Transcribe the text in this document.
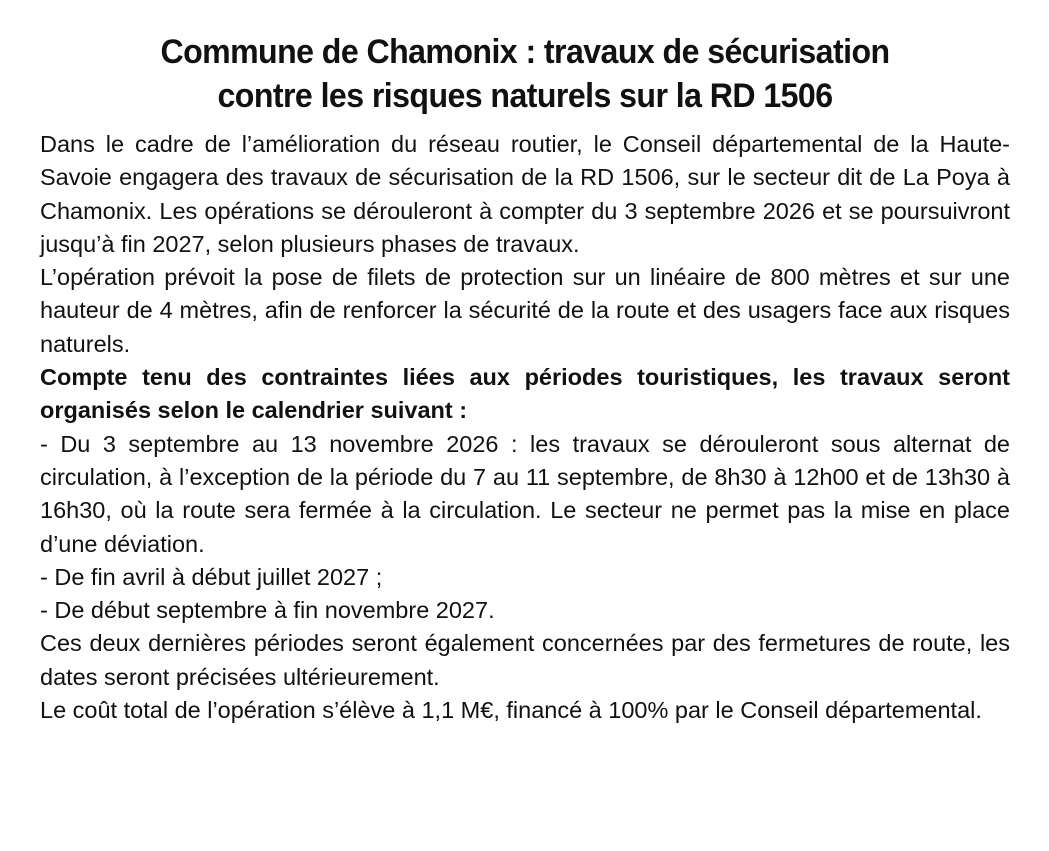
Commune de Chamonix : travaux de sécurisation
contre les risques naturels sur la RD 1506

Dans le cadre de l’amélioration du réseau routier, le Conseil départemental de la Haute-Savoie engagera des travaux de sécurisation de la RD 1506, sur le secteur dit de La Poya à Chamonix. Les opérations se dérouleront à compter du 3 septembre 2026 et se poursuivront jusqu’à fin 2027, selon plusieurs phases de travaux.

L’opération prévoit la pose de filets de protection sur un linéaire de 800 mètres et sur une hauteur de 4 mètres, afin de renforcer la sécurité de la route et des usagers face aux risques naturels.

Compte tenu des contraintes liées aux périodes touristiques, les travaux seront organisés selon le calendrier suivant :

- Du 3 septembre au 13 novembre 2026 : les travaux se dérouleront sous alternat de circulation, à l’exception de la période du 7 au 11 septembre, de 8h30 à 12h00 et de 13h30 à 16h30, où la route sera fermée à la circulation. Le secteur ne permet pas la mise en place d’une déviation.

- De fin avril à début juillet 2027 ;

- De début septembre à fin novembre 2027.

Ces deux dernières périodes seront également concernées par des fermetures de route, les dates seront précisées ultérieurement.

Le coût total de l’opération s’élève à 1,1 M€, financé à 100% par le Conseil départemental.
